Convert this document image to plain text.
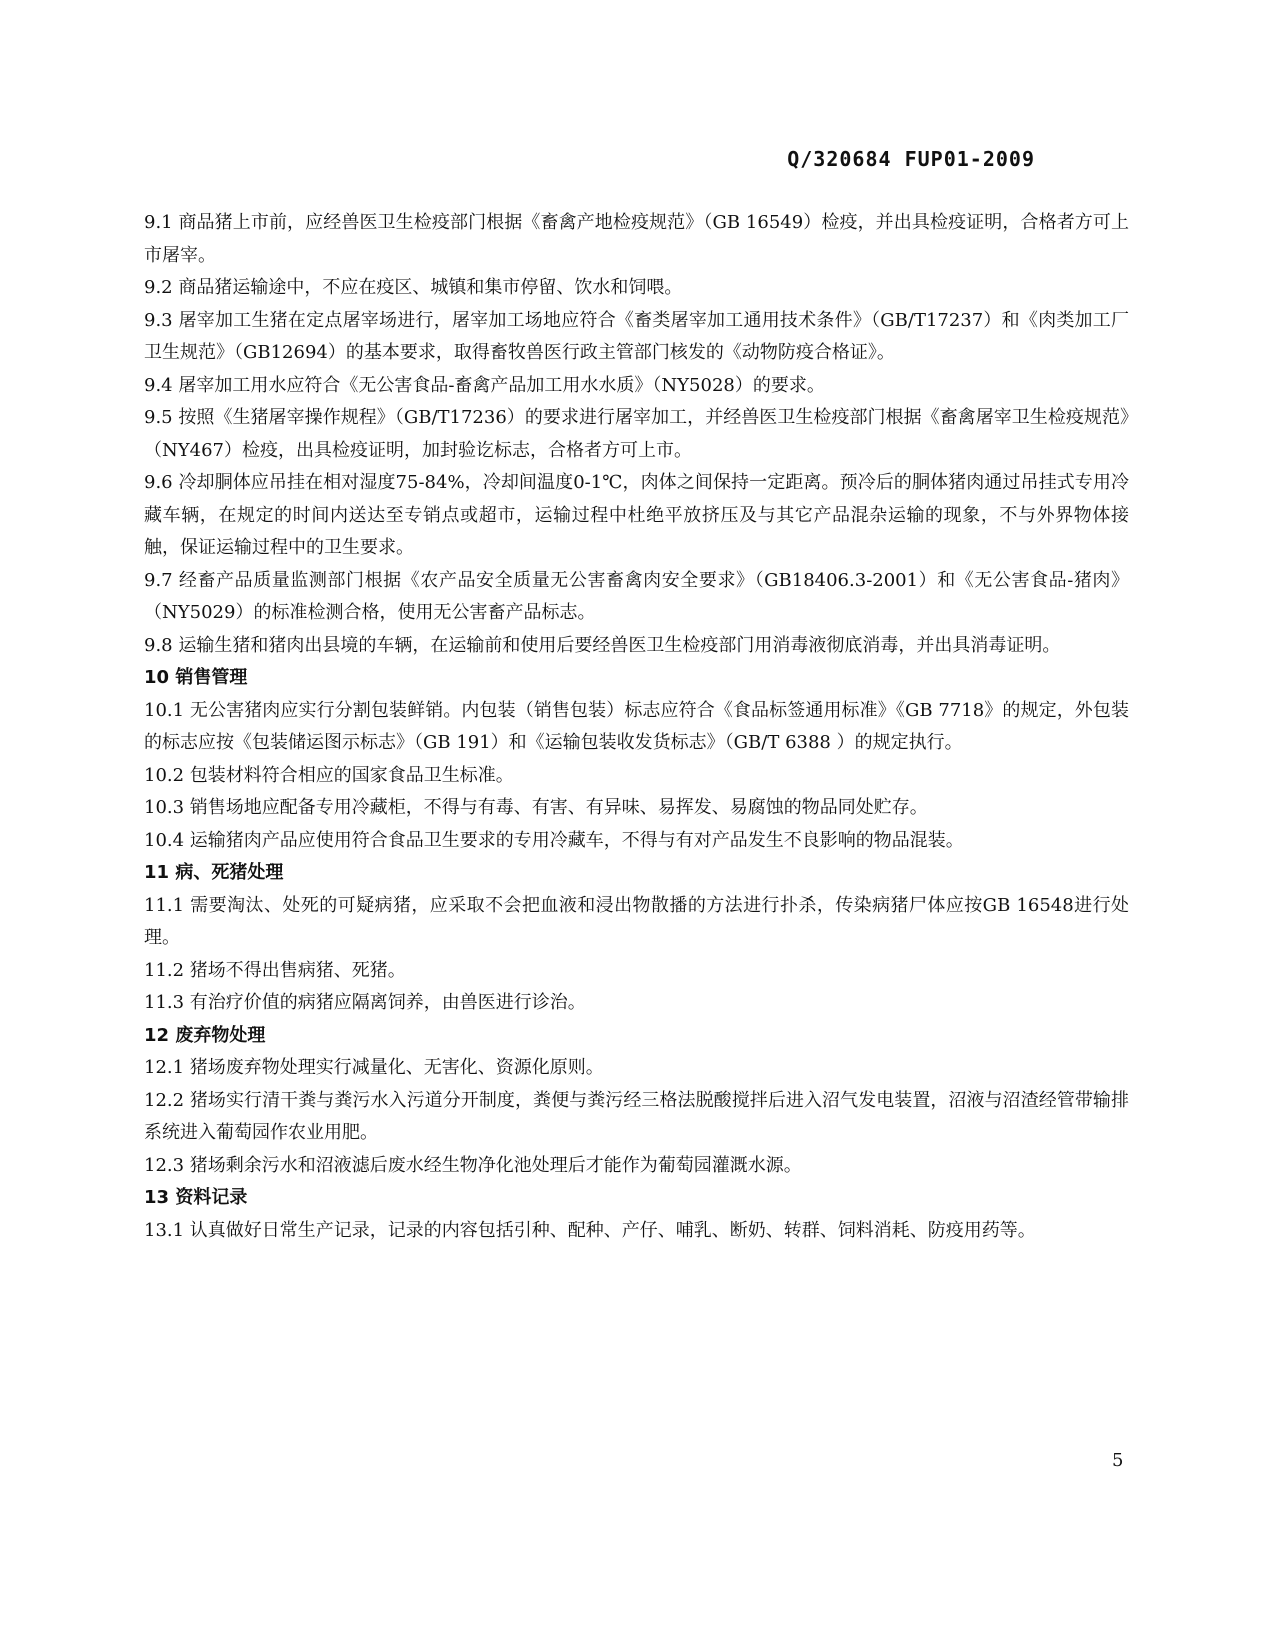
Q/320684 FUP01-2009

9.1 商品猪上市前，应经兽医卫生检疫部门根据《畜禽产地检疫规范》（GB 16549）检疫，并出具检疫证明，合格者方可上市屠宰。

9.2 商品猪运输途中，不应在疫区、城镇和集市停留、饮水和饲喂。

9.3 屠宰加工生猪在定点屠宰场进行，屠宰加工场地应符合《畜类屠宰加工通用技术条件》（GB/T17237）和《肉类加工厂卫生规范》（GB12694）的基本要求，取得畜牧兽医行政主管部门核发的《动物防疫合格证》。

9.4 屠宰加工用水应符合《无公害食品-畜禽产品加工用水水质》（NY5028）的要求。

9.5 按照《生猪屠宰操作规程》（GB/T17236）的要求进行屠宰加工，并经兽医卫生检疫部门根据《畜禽屠宰卫生检疫规范》（NY467）检疫，出具检疫证明，加封验讫标志，合格者方可上市。

9.6 冷却胴体应吊挂在相对湿度75-84%，冷却间温度0-1℃，肉体之间保持一定距离。预冷后的胴体猪肉通过吊挂式专用冷藏车辆，在规定的时间内送达至专销点或超市，运输过程中杜绝平放挤压及与其它产品混杂运输的现象，不与外界物体接触，保证运输过程中的卫生要求。

9.7 经畜产品质量监测部门根据《农产品安全质量无公害畜禽肉安全要求》（GB18406.3-2001）和《无公害食品-猪肉》（NY5029）的标准检测合格，使用无公害畜产品标志。

9.8 运输生猪和猪肉出县境的车辆，在运输前和使用后要经兽医卫生检疫部门用消毒液彻底消毒，并出具消毒证明。

10 销售管理

10.1 无公害猪肉应实行分割包装鲜销。内包装（销售包装）标志应符合《食品标签通用标准》《GB 7718》的规定，外包装的标志应按《包装储运图示标志》（GB 191）和《运输包装收发货标志》（GB/T 6388 ）的规定执行。

10.2 包装材料符合相应的国家食品卫生标准。

10.3 销售场地应配备专用冷藏柜，不得与有毒、有害、有异味、易挥发、易腐蚀的物品同处贮存。

10.4 运输猪肉产品应使用符合食品卫生要求的专用冷藏车，不得与有对产品发生不良影响的物品混装。

11 病、死猪处理

11.1 需要淘汰、处死的可疑病猪，应采取不会把血液和浸出物散播的方法进行扑杀，传染病猪尸体应按GB 16548进行处理。

11.2 猪场不得出售病猪、死猪。

11.3 有治疗价值的病猪应隔离饲养，由兽医进行诊治。

12 废弃物处理

12.1 猪场废弃物处理实行减量化、无害化、资源化原则。

12.2 猪场实行清干粪与粪污水入污道分开制度，粪便与粪污经三格法脱酸搅拌后进入沼气发电装置，沼液与沼渣经管带输排系统进入葡萄园作农业用肥。

12.3 猪场剩余污水和沼液滤后废水经生物净化池处理后才能作为葡萄园灌溉水源。

13 资料记录

13.1 认真做好日常生产记录，记录的内容包括引种、配种、产仔、哺乳、断奶、转群、饲料消耗、防疫用药等。

5
